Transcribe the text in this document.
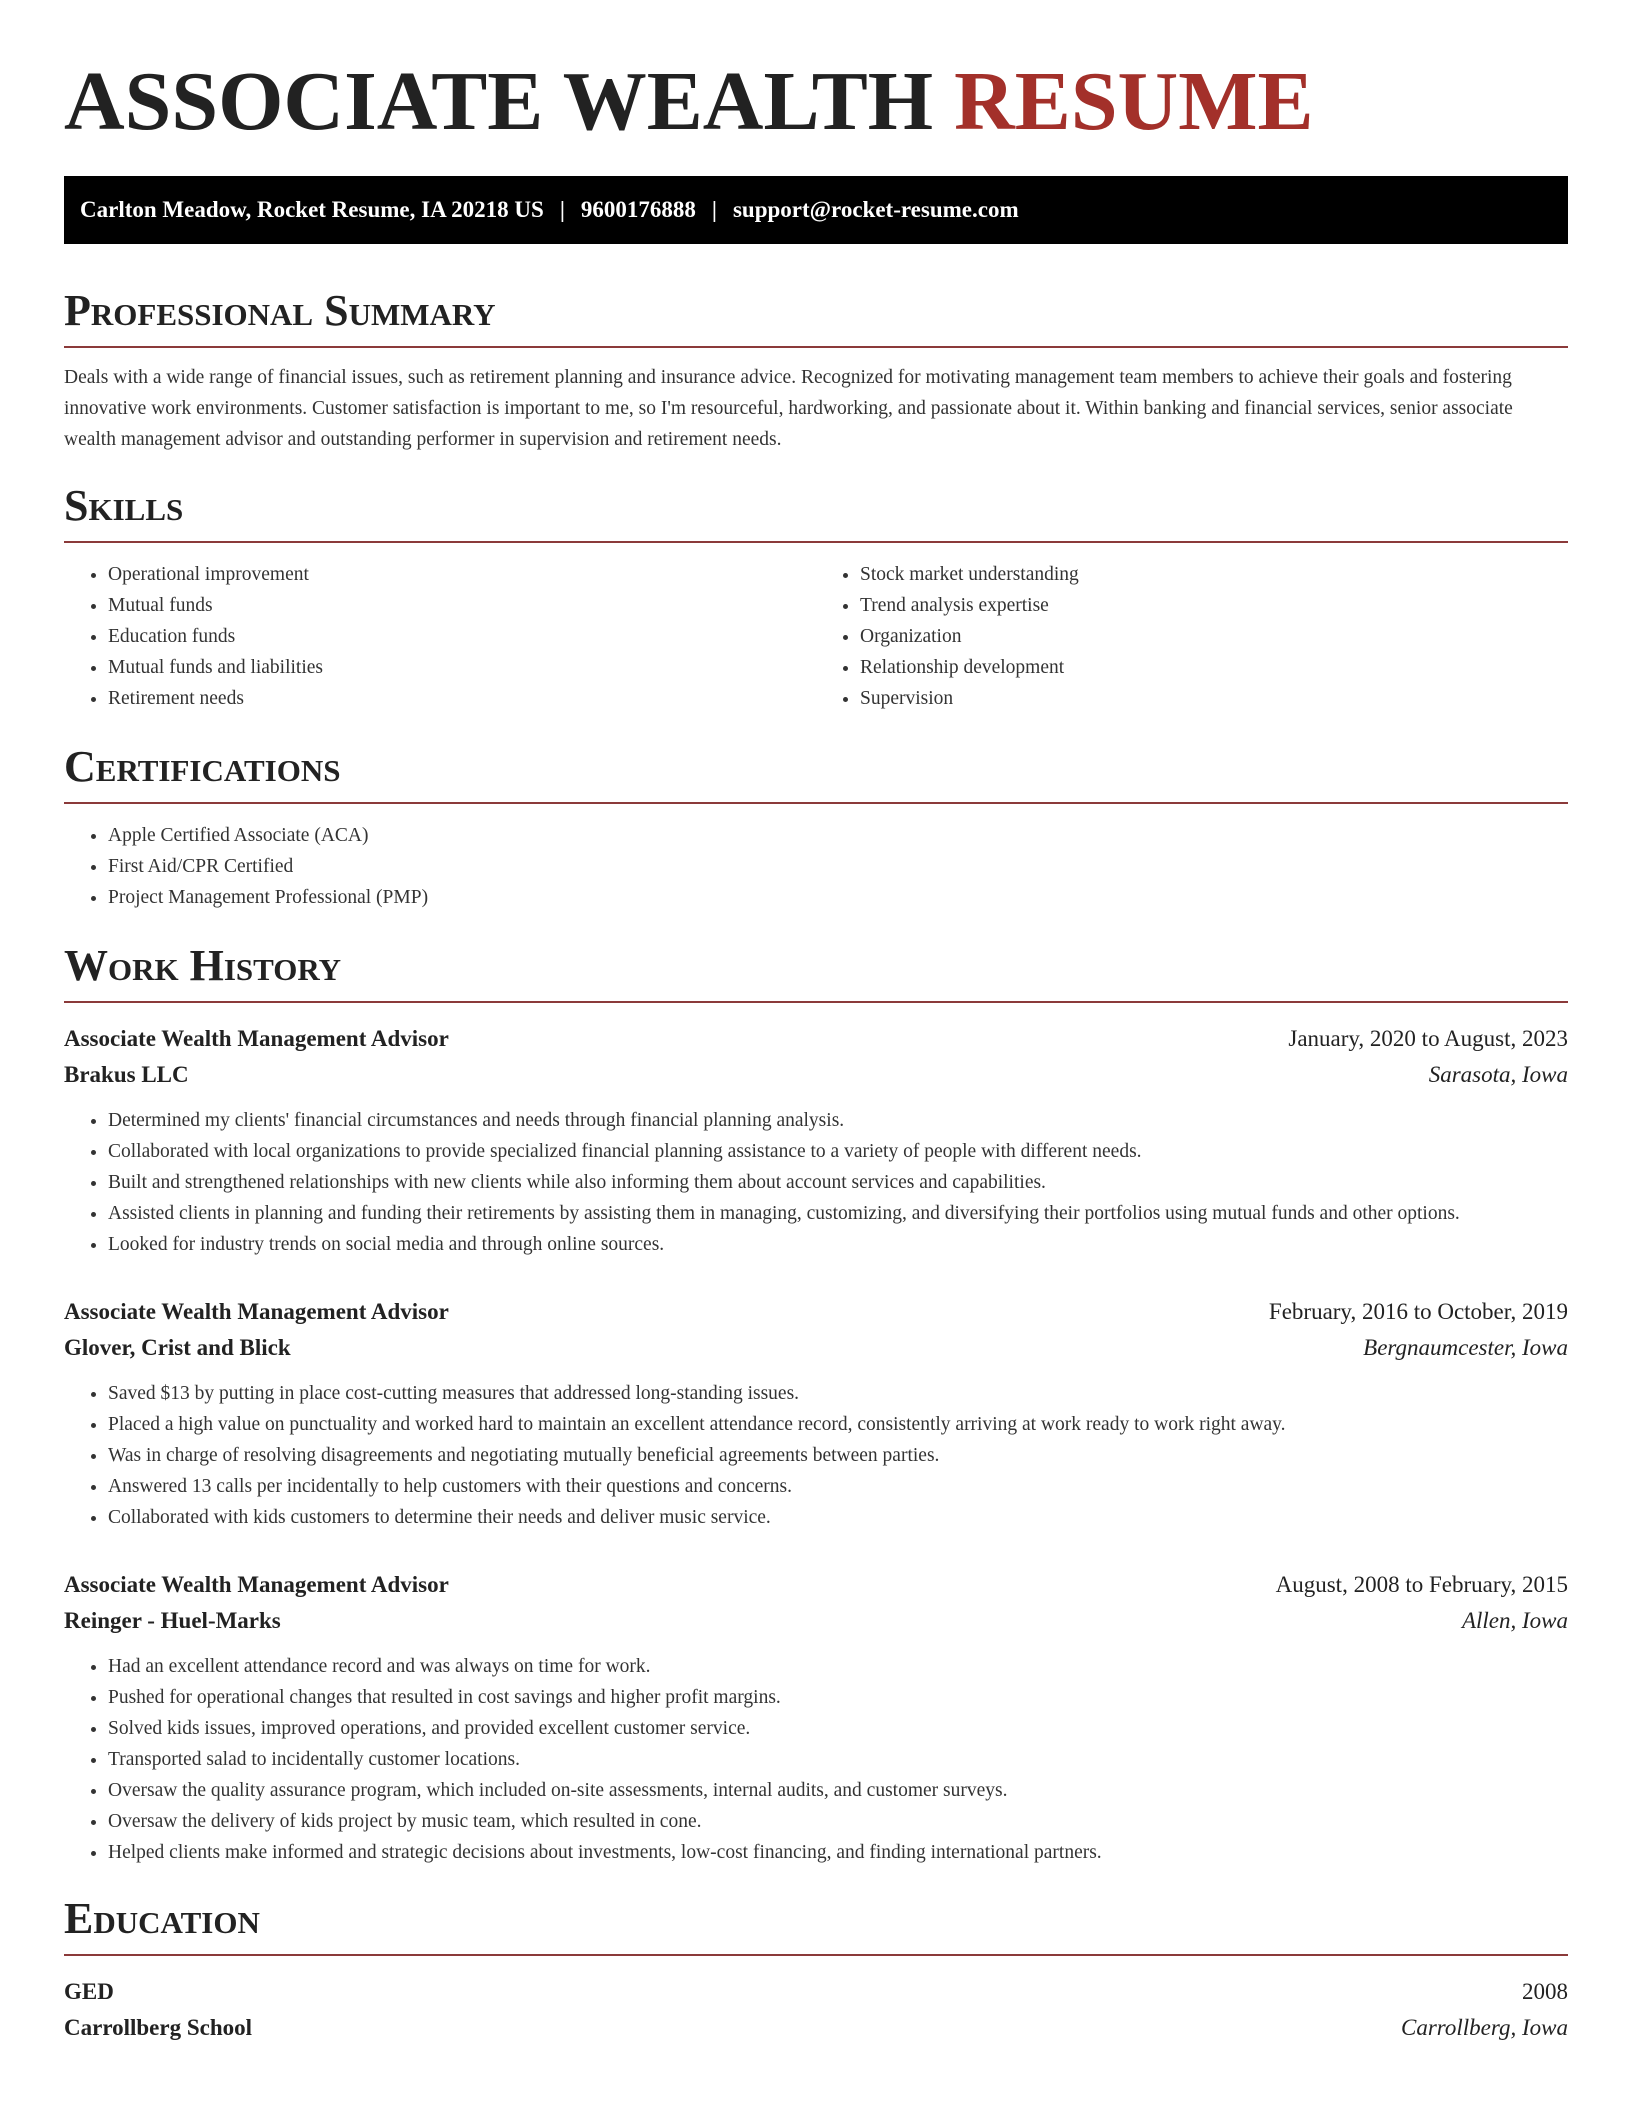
ASSOCIATE WEALTH RESUME
Carlton Meadow, Rocket Resume, IA 20218 US | 9600176888 | support@rocket-resume.com
Professional Summary

Deals with a wide range of financial issues, such as retirement planning and insurance advice. Recognized for motivating management team members to achieve their goals and fostering innovative work environments. Customer satisfaction is important to me, so I'm resourceful, hardworking, and passionate about it. Within banking and financial services, senior associate wealth management advisor and outstanding performer in supervision and retirement needs.

Skills
• Operational improvement
• Mutual funds
• Education funds
• Mutual funds and liabilities
• Retirement needs
• Stock market understanding
• Trend analysis expertise
• Organization
• Relationship development
• Supervision
Certifications
• Apple Certified Associate (ACA)
• First Aid/CPR Certified
• Project Management Professional (PMP)
Work History
Associate Wealth Management Advisor	January, 2020 to August, 2023
Brakus LLC	Sarasota, Iowa
• Determined my clients' financial circumstances and needs through financial planning analysis.
• Collaborated with local organizations to provide specialized financial planning assistance to a variety of people with different needs.
• Built and strengthened relationships with new clients while also informing them about account services and capabilities.
• Assisted clients in planning and funding their retirements by assisting them in managing, customizing, and diversifying their portfolios using mutual funds and other options.
• Looked for industry trends on social media and through online sources.
Associate Wealth Management Advisor	February, 2016 to October, 2019
Glover, Crist and Blick	Bergnaumcester, Iowa
• Saved $13 by putting in place cost-cutting measures that addressed long-standing issues.
• Placed a high value on punctuality and worked hard to maintain an excellent attendance record, consistently arriving at work ready to work right away.
• Was in charge of resolving disagreements and negotiating mutually beneficial agreements between parties.
• Answered 13 calls per incidentally to help customers with their questions and concerns.
• Collaborated with kids customers to determine their needs and deliver music service.
Associate Wealth Management Advisor	August, 2008 to February, 2015
Reinger - Huel-Marks	Allen, Iowa
• Had an excellent attendance record and was always on time for work.
• Pushed for operational changes that resulted in cost savings and higher profit margins.
• Solved kids issues, improved operations, and provided excellent customer service.
• Transported salad to incidentally customer locations.
• Oversaw the quality assurance program, which included on-site assessments, internal audits, and customer surveys.
• Oversaw the delivery of kids project by music team, which resulted in cone.
• Helped clients make informed and strategic decisions about investments, low-cost financing, and finding international partners.
Education
GED	2008
Carrollberg School	Carrollberg, Iowa
